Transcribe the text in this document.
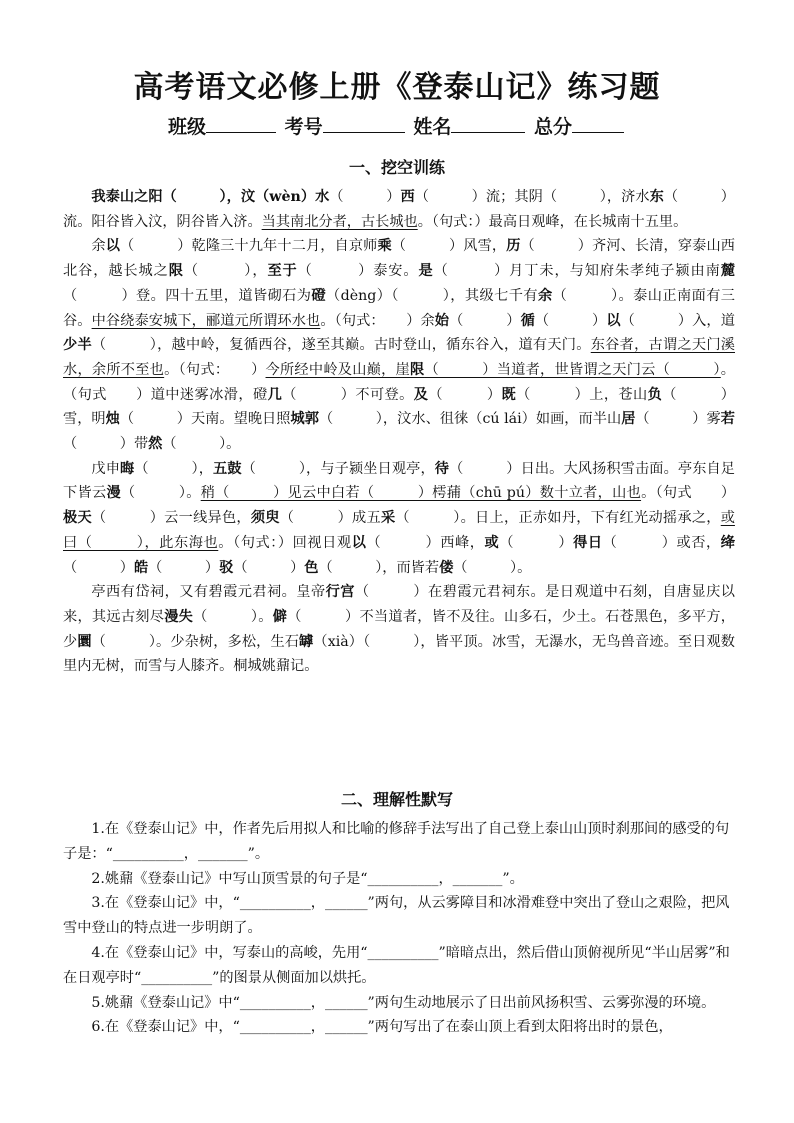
高考语文必修上册《登泰山记》练习题
班级	考号	姓名	总分
一、挖空训练

我泰山之阳（　　　），汶（wèn）水（　　　）西（　　　）流；其阴（　　　），济水东（　　　）流。阳谷皆入汶，阴谷皆入济。当其南北分者，古长城也。（句式：）最高日观峰，在长城南十五里。

余以（　　　）乾隆三十九年十二月，自京师乘（　　　）风雪，历（　　　）齐河、长清，穿泰山西北谷，越长城之限（　　　），至于（　　　）泰安。是（　　　）月丁未，与知府朱孝纯子颍由南麓（　　　）登。四十五里，道皆砌石为磴（dèng）（　　　），其级七千有余（　　　）。泰山正南面有三谷。中谷绕泰安城下，郦道元所谓环水也。（句式：　　）余始（　　　）循（　　　）以（　　　）入，道少半（　　　），越中岭，复循西谷，遂至其巅。古时登山，循东谷入，道有天门。东谷者，古谓之天门溪水，余所不至也。（句式：　　）今所经中岭及山巅，崖限（　　　）当道者，世皆谓之天门云（　　　）。（句式　　）道中迷雾冰滑，磴几（　　　）不可登。及（　　　）既（　　　）上，苍山负（　　　）雪，明烛（　　　）天南。望晚日照城郭（　　　），汶水、徂徕（cú lái）如画，而半山居（　　　）雾若（　　　）带然（　　　）。

戊申晦（　　　），五鼓（　　　），与子颍坐日观亭，待（　　　）日出。大风扬积雪击面。亭东自足下皆云漫（　　　）。稍（　　　）见云中白若（　　　）樗蒱（chū pú）数十立者，山也。（句式　　）极天（　　　）云一线异色，须臾（　　　）成五采（　　　）。日上，正赤如丹，下有红光动摇承之，或曰（　　　），此东海也。（句式：）回视日观以（　　　）西峰，或（　　　）得日（　　　）或否，绛（　　　）皓（　　　）驳（　　　）色（　　　），而皆若偻（　　　）。

亭西有岱祠，又有碧霞元君祠。皇帝行宫（　　　）在碧霞元君祠东。是日观道中石刻，自唐显庆以来，其远古刻尽漫失（　　　）。僻（　　　）不当道者，皆不及往。山多石，少土。石苍黑色，多平方，少圜（　　　）。少杂树，多松，生石罅（xià）（　　　），皆平顶。冰雪，无瀑水，无鸟兽音迹。至日观数里内无树，而雪与人膝齐。桐城姚鼐记。

二、理解性默写

1.在《登泰山记》中，作者先后用拟人和比喻的修辞手法写出了自己登上泰山山顶时刹那间的感受的句子是：“__________，_______”。

2.姚鼐《登泰山记》中写山顶雪景的句子是“__________，_______”。

3.在《登泰山记》中，“__________，______”两句，从云雾障目和冰滑难登中突出了登山之艰险，把风雪中登山的特点进一步明朗了。

4.在《登泰山记》中，写泰山的高峻，先用“__________”暗暗点出，然后借山顶俯视所见“半山居雾”和在日观亭时“__________”的图景从侧面加以烘托。

5.姚鼐《登泰山记》中“__________，______”两句生动地展示了日出前风扬积雪、云雾弥漫的环境。

6.在《登泰山记》中，“__________，______”两句写出了在泰山顶上看到太阳将出时的景色，
